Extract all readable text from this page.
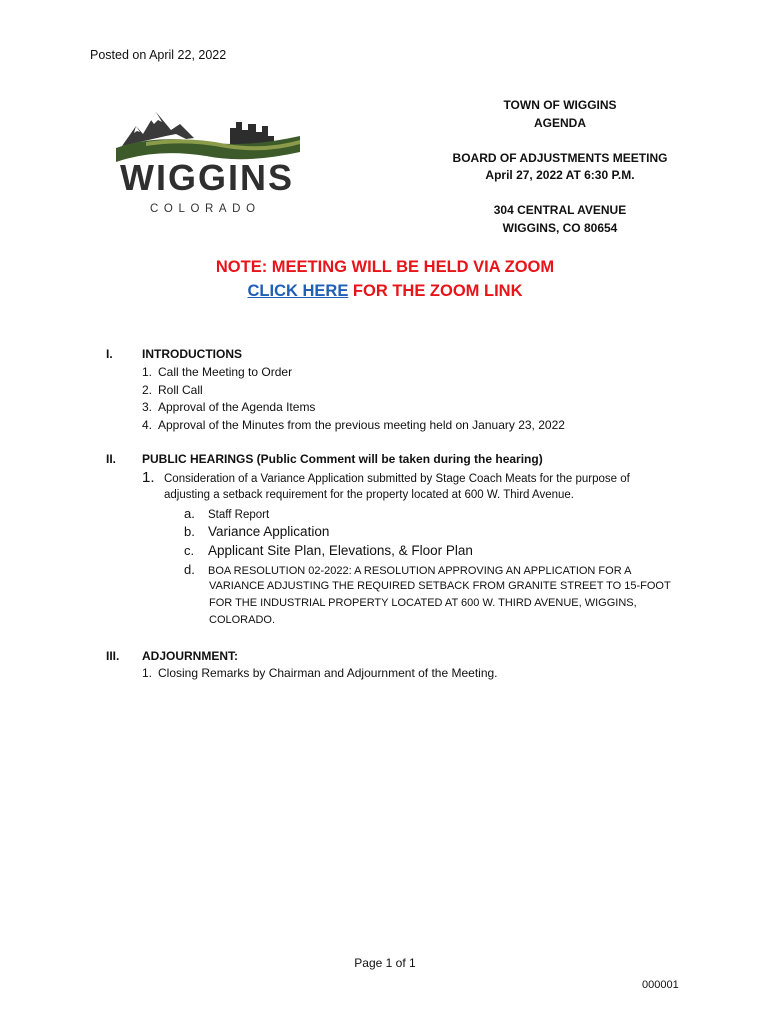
Posted on April 22, 2022
WIGGINS
COLORADO
TOWN OF WIGGINS
AGENDA
BOARD OF ADJUSTMENTS MEETING
April 27, 2022 AT 6:30 P.M.
304 CENTRAL AVENUE
WIGGINS, CO 80654
NOTE: MEETING WILL BE HELD VIA ZOOM
CLICK HERE FOR THE ZOOM LINK
I. INTRODUCTIONS
1. Call the Meeting to Order
2. Roll Call
3. Approval of the Agenda Items
4. Approval of the Minutes from the previous meeting held on January 23, 2022
II. PUBLIC HEARINGS (Public Comment will be taken during the hearing)
1. Consideration of a Variance Application submitted by Stage Coach Meats for the purpose of
adjusting a setback requirement for the property located at 600 W. Third Avenue.
a. Staff Report
b. Variance Application
c. Applicant Site Plan, Elevations, & Floor Plan
d. BOA RESOLUTION 02-2022: A RESOLUTION APPROVING AN APPLICATION FOR A
VARIANCE ADJUSTING THE REQUIRED SETBACK FROM GRANITE STREET TO 15-FOOT
FOR THE INDUSTRIAL PROPERTY LOCATED AT 600 W. THIRD AVENUE, WIGGINS,
COLORADO.
III. ADJOURNMENT:
1. Closing Remarks by Chairman and Adjournment of the Meeting.
Page 1 of 1
000001
